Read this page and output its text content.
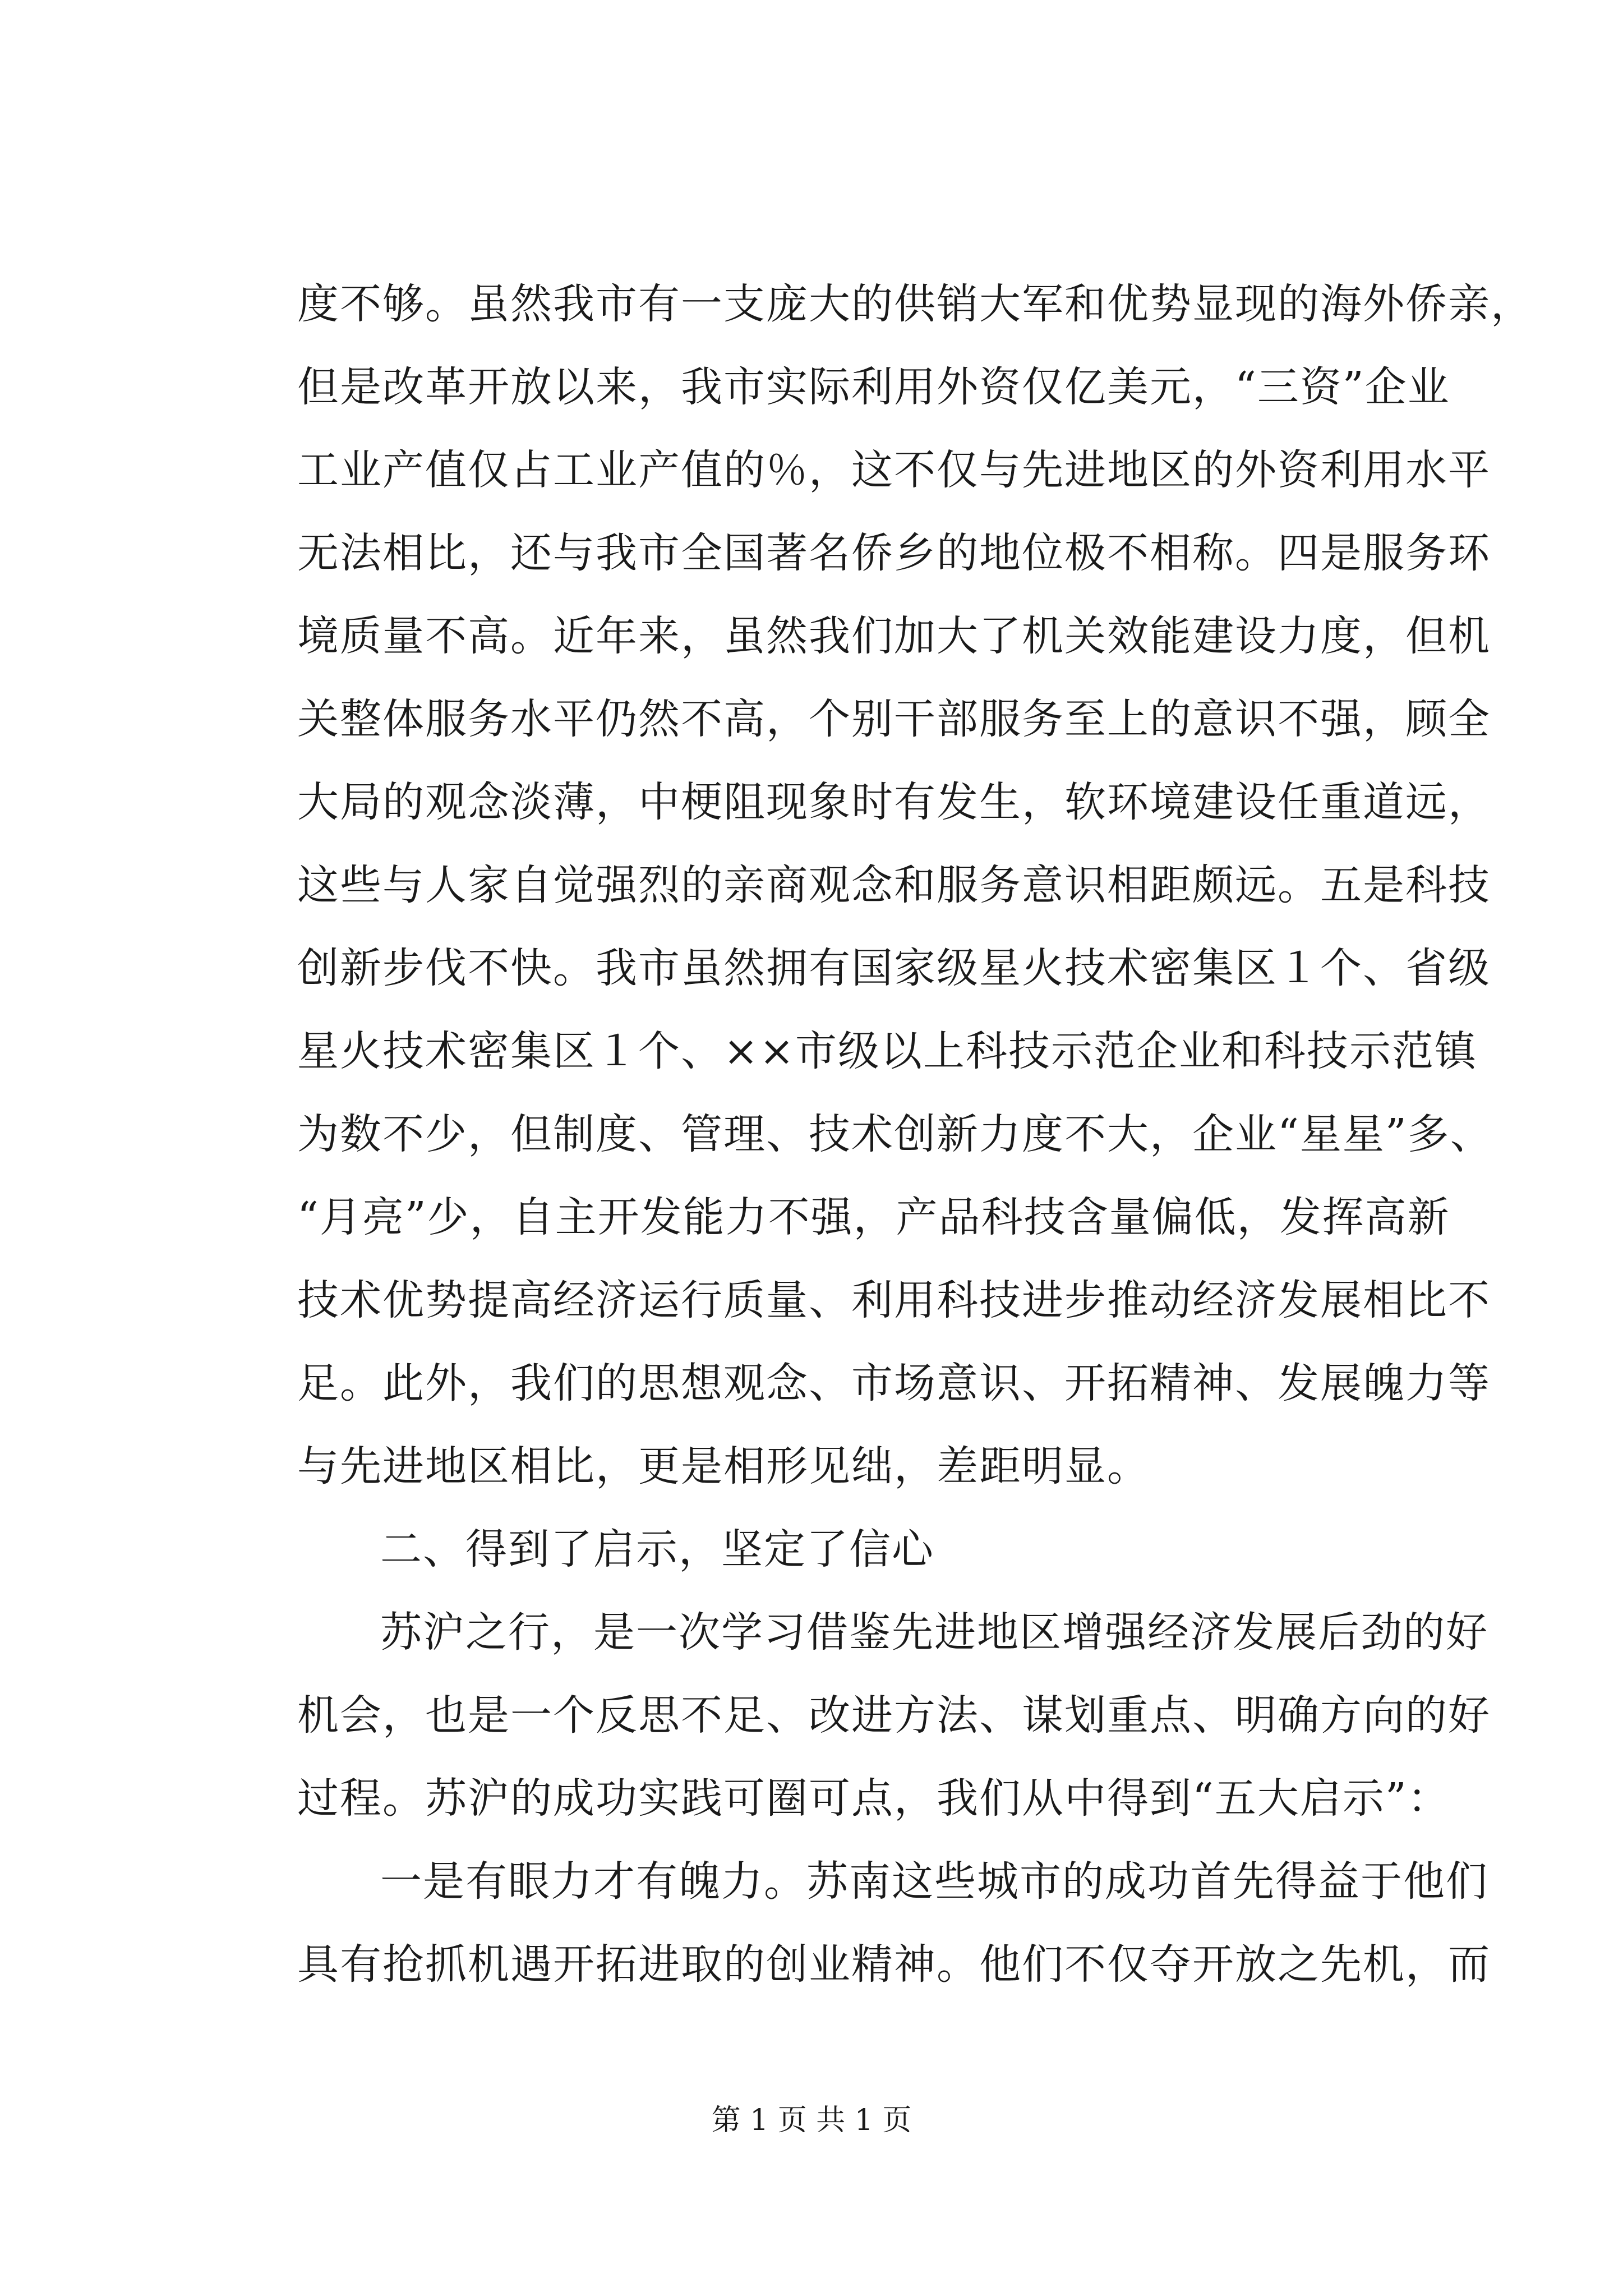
度不够。虽然我市有一支庞大的供销大军和优势显现的海外侨亲，
但是改革开放以来，我市实际利用外资仅亿美元，“三资”企业
工业产值仅占工业产值的％，这不仅与先进地区的外资利用水平
无法相比，还与我市全国著名侨乡的地位极不相称。四是服务环
境质量不高。近年来，虽然我们加大了机关效能建设力度，但机
关整体服务水平仍然不高，个别干部服务至上的意识不强，顾全
大局的观念淡薄，中梗阻现象时有发生，软环境建设任重道远，
这些与人家自觉强烈的亲商观念和服务意识相距颇远。五是科技
创新步伐不快。我市虽然拥有国家级星火技术密集区１个、省级
星火技术密集区１个、××市级以上科技示范企业和科技示范镇
为数不少，但制度、管理、技术创新力度不大，企业“星星”多、
“月亮”少，自主开发能力不强，产品科技含量偏低，发挥高新
技术优势提高经济运行质量、利用科技进步推动经济发展相比不
足。此外，我们的思想观念、市场意识、开拓精神、发展魄力等
与先进地区相比，更是相形见绌，差距明显。
二、得到了启示，坚定了信心
苏沪之行，是一次学习借鉴先进地区增强经济发展后劲的好
机会，也是一个反思不足、改进方法、谋划重点、明确方向的好
过程。苏沪的成功实践可圈可点，我们从中得到“五大启示”：
一是有眼力才有魄力。苏南这些城市的成功首先得益于他们
具有抢抓机遇开拓进取的创业精神。他们不仅夺开放之先机，而
第 1 页 共 1 页
